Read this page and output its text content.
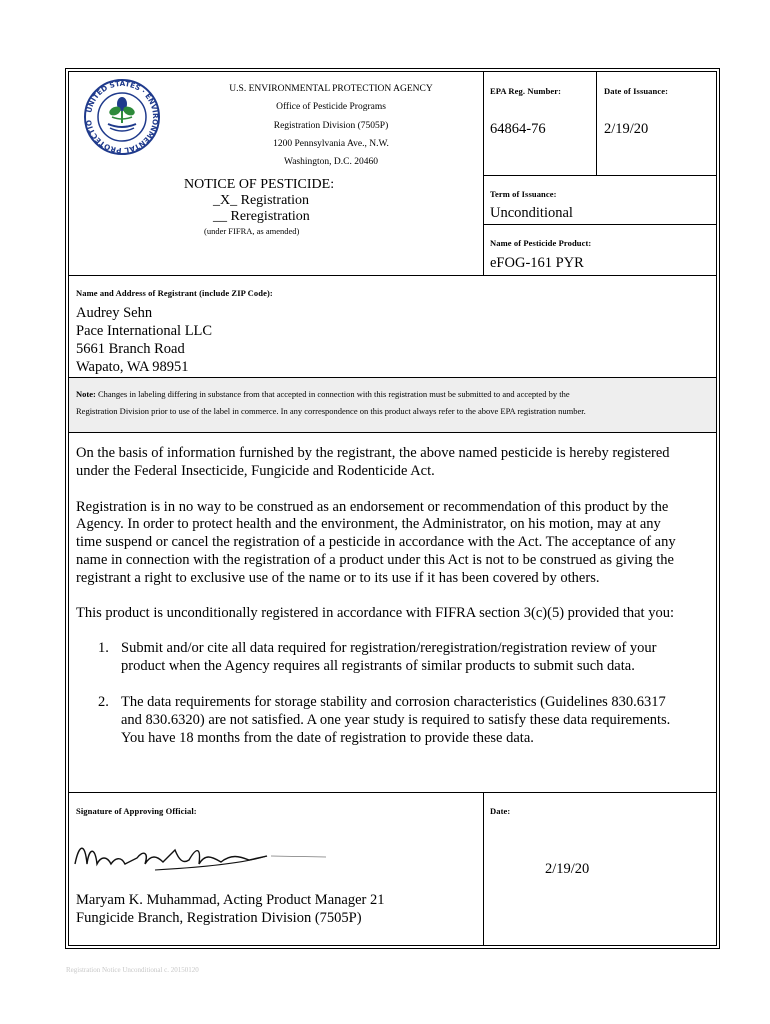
UNITED STATES · ENVIRONMENTAL PROTECTIO
U.S. ENVIRONMENTAL PROTECTION AGENCY
Office of Pesticide Programs
Registration Division (7505P)
1200 Pennsylvania Ave., N.W.
Washington, D.C. 20460
NOTICE OF PESTICIDE:
_X_ Registration
__ Reregistration
(under FIFRA, as amended)
EPA Reg. Number:
64864-76
Date of Issuance:
2/19/20
Term of Issuance:
Unconditional
Name of Pesticide Product:
eFOG-161 PYR
Name and Address of Registrant (include ZIP Code):
Audrey Sehn
Pace International LLC
5661 Branch Road
Wapato, WA 98951
Note: Changes in labeling differing in substance from that accepted in connection with this registration must be submitted to and accepted by the
Registration Division prior to use of the label in commerce. In any correspondence on this product always refer to the above EPA registration number.
On the basis of information furnished by the registrant, the above named pesticide is hereby registered
under the Federal Insecticide, Fungicide and Rodenticide Act.
Registration is in no way to be construed as an endorsement or recommendation of this product by the
Agency. In order to protect health and the environment, the Administrator, on his motion, may at any
time suspend or cancel the registration of a pesticide in accordance with the Act. The acceptance of any
name in connection with the registration of a product under this Act is not to be construed as giving the
registrant a right to exclusive use of the name or to its use if it has been covered by others.
This product is unconditionally registered in accordance with FIFRA section 3(c)(5) provided that you:
1. Submit and/or cite all data required for registration/reregistration/registration review of your
product when the Agency requires all registrants of similar products to submit such data.
2. The data requirements for storage stability and corrosion characteristics (Guidelines 830.6317
and 830.6320) are not satisfied. A one year study is required to satisfy these data requirements.
You have 18 months from the date of registration to provide these data.
Signature of Approving Official:	Date:
Maryam K. Muhammad, Acting Product Manager 21
Fungicide Branch, Registration Division (7505P)
2/19/20
Registration Notice Unconditional c. 20150120
